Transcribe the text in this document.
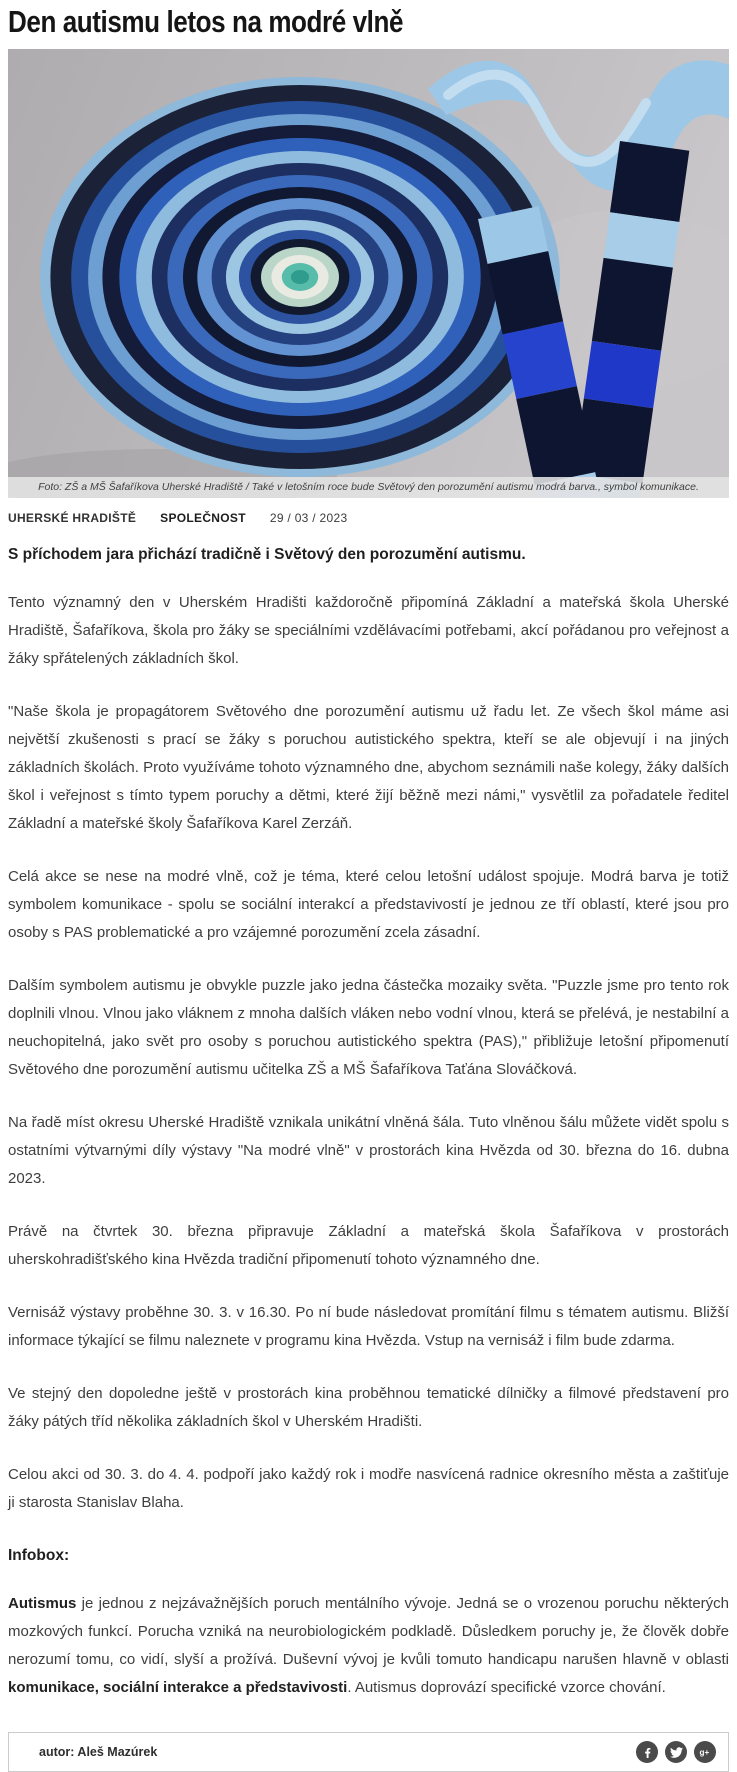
Den autismu letos na modré vlně
Foto: ZŠ a MŠ Šafaříkova Uherské Hradiště / Také v letošním roce bude Světový den porozumění autismu modrá barva., symbol komunikace.
UHERSKÉ HRADIŠTĚ SPOLEČNOST 29 / 03 / 2023

S příchodem jara přichází tradičně i Světový den porozumění autismu.

Tento významný den v Uherském Hradišti každoročně připomíná Základní a mateřská škola Uherské Hradiště, Šafaříkova, škola pro žáky se speciálními vzdělávacími potřebami, akcí pořádanou pro veřejnost a žáky spřátelených základních škol.

"Naše škola je propagátorem Světového dne porozumění autismu už řadu let. Ze všech škol máme asi největší zkušenosti s prací se žáky s poruchou autistického spektra, kteří se ale objevují i na jiných základních školách. Proto využíváme tohoto významného dne, abychom seznámili naše kolegy, žáky dalších škol i veřejnost s tímto typem poruchy a dětmi, které žijí běžně mezi námi," vysvětlil za pořadatele ředitel Základní a mateřské školy Šafaříkova Karel Zerzáň.

Celá akce se nese na modré vlně, což je téma, které celou letošní událost spojuje. Modrá barva je totiž symbolem komunikace - spolu se sociální interakcí a představivostí je jednou ze tří oblastí, které jsou pro osoby s PAS problematické a pro vzájemné porozumění zcela zásadní.

Dalším symbolem autismu je obvykle puzzle jako jedna částečka mozaiky světa. "Puzzle jsme pro tento rok doplnili vlnou. Vlnou jako vláknem z mnoha dalších vláken nebo vodní vlnou, která se přelévá, je nestabilní a neuchopitelná, jako svět pro osoby s poruchou autistického spektra (PAS)," přibližuje letošní připomenutí Světového dne porozumění autismu učitelka ZŠ a MŠ Šafaříkova Taťána Slováčková.

Na řadě míst okresu Uherské Hradiště vznikala unikátní vlněná šála. Tuto vlněnou šálu můžete vidět spolu s ostatními výtvarnými díly výstavy "Na modré vlně" v prostorách kina Hvězda od 30. března do 16. dubna 2023.

Právě na čtvrtek 30. března připravuje Základní a mateřská škola Šafaříkova v prostorách uherskohradišťského kina Hvězda tradiční připomenutí tohoto významného dne.

Vernisáž výstavy proběhne 30. 3. v 16.30. Po ní bude následovat promítání filmu s tématem autismu. Bližší informace týkající se filmu naleznete v programu kina Hvězda. Vstup na vernisáž i film bude zdarma.

Ve stejný den dopoledne ještě v prostorách kina proběhnou tematické dílničky a filmové představení pro žáky pátých tříd několika základních škol v Uherském Hradišti.

Celou akci od 30. 3. do 4. 4. podpoří jako každý rok i modře nasvícená radnice okresního města a zaštiťuje ji starosta Stanislav Blaha.

Infobox:

Autismus je jednou z nejzávažnějších poruch mentálního vývoje. Jedná se o vrozenou poruchu některých mozkových funkcí. Porucha vzniká na neurobiologickém podkladě. Důsledkem poruchy je, že člověk dobře nerozumí tomu, co vidí, slyší a prožívá. Duševní vývoj je kvůli tomuto handicapu narušen hlavně v oblasti komunikace, sociální interakce a představivosti. Autismus doprovází specifické vzorce chování.

autor: Aleš Mazúrek	g+
